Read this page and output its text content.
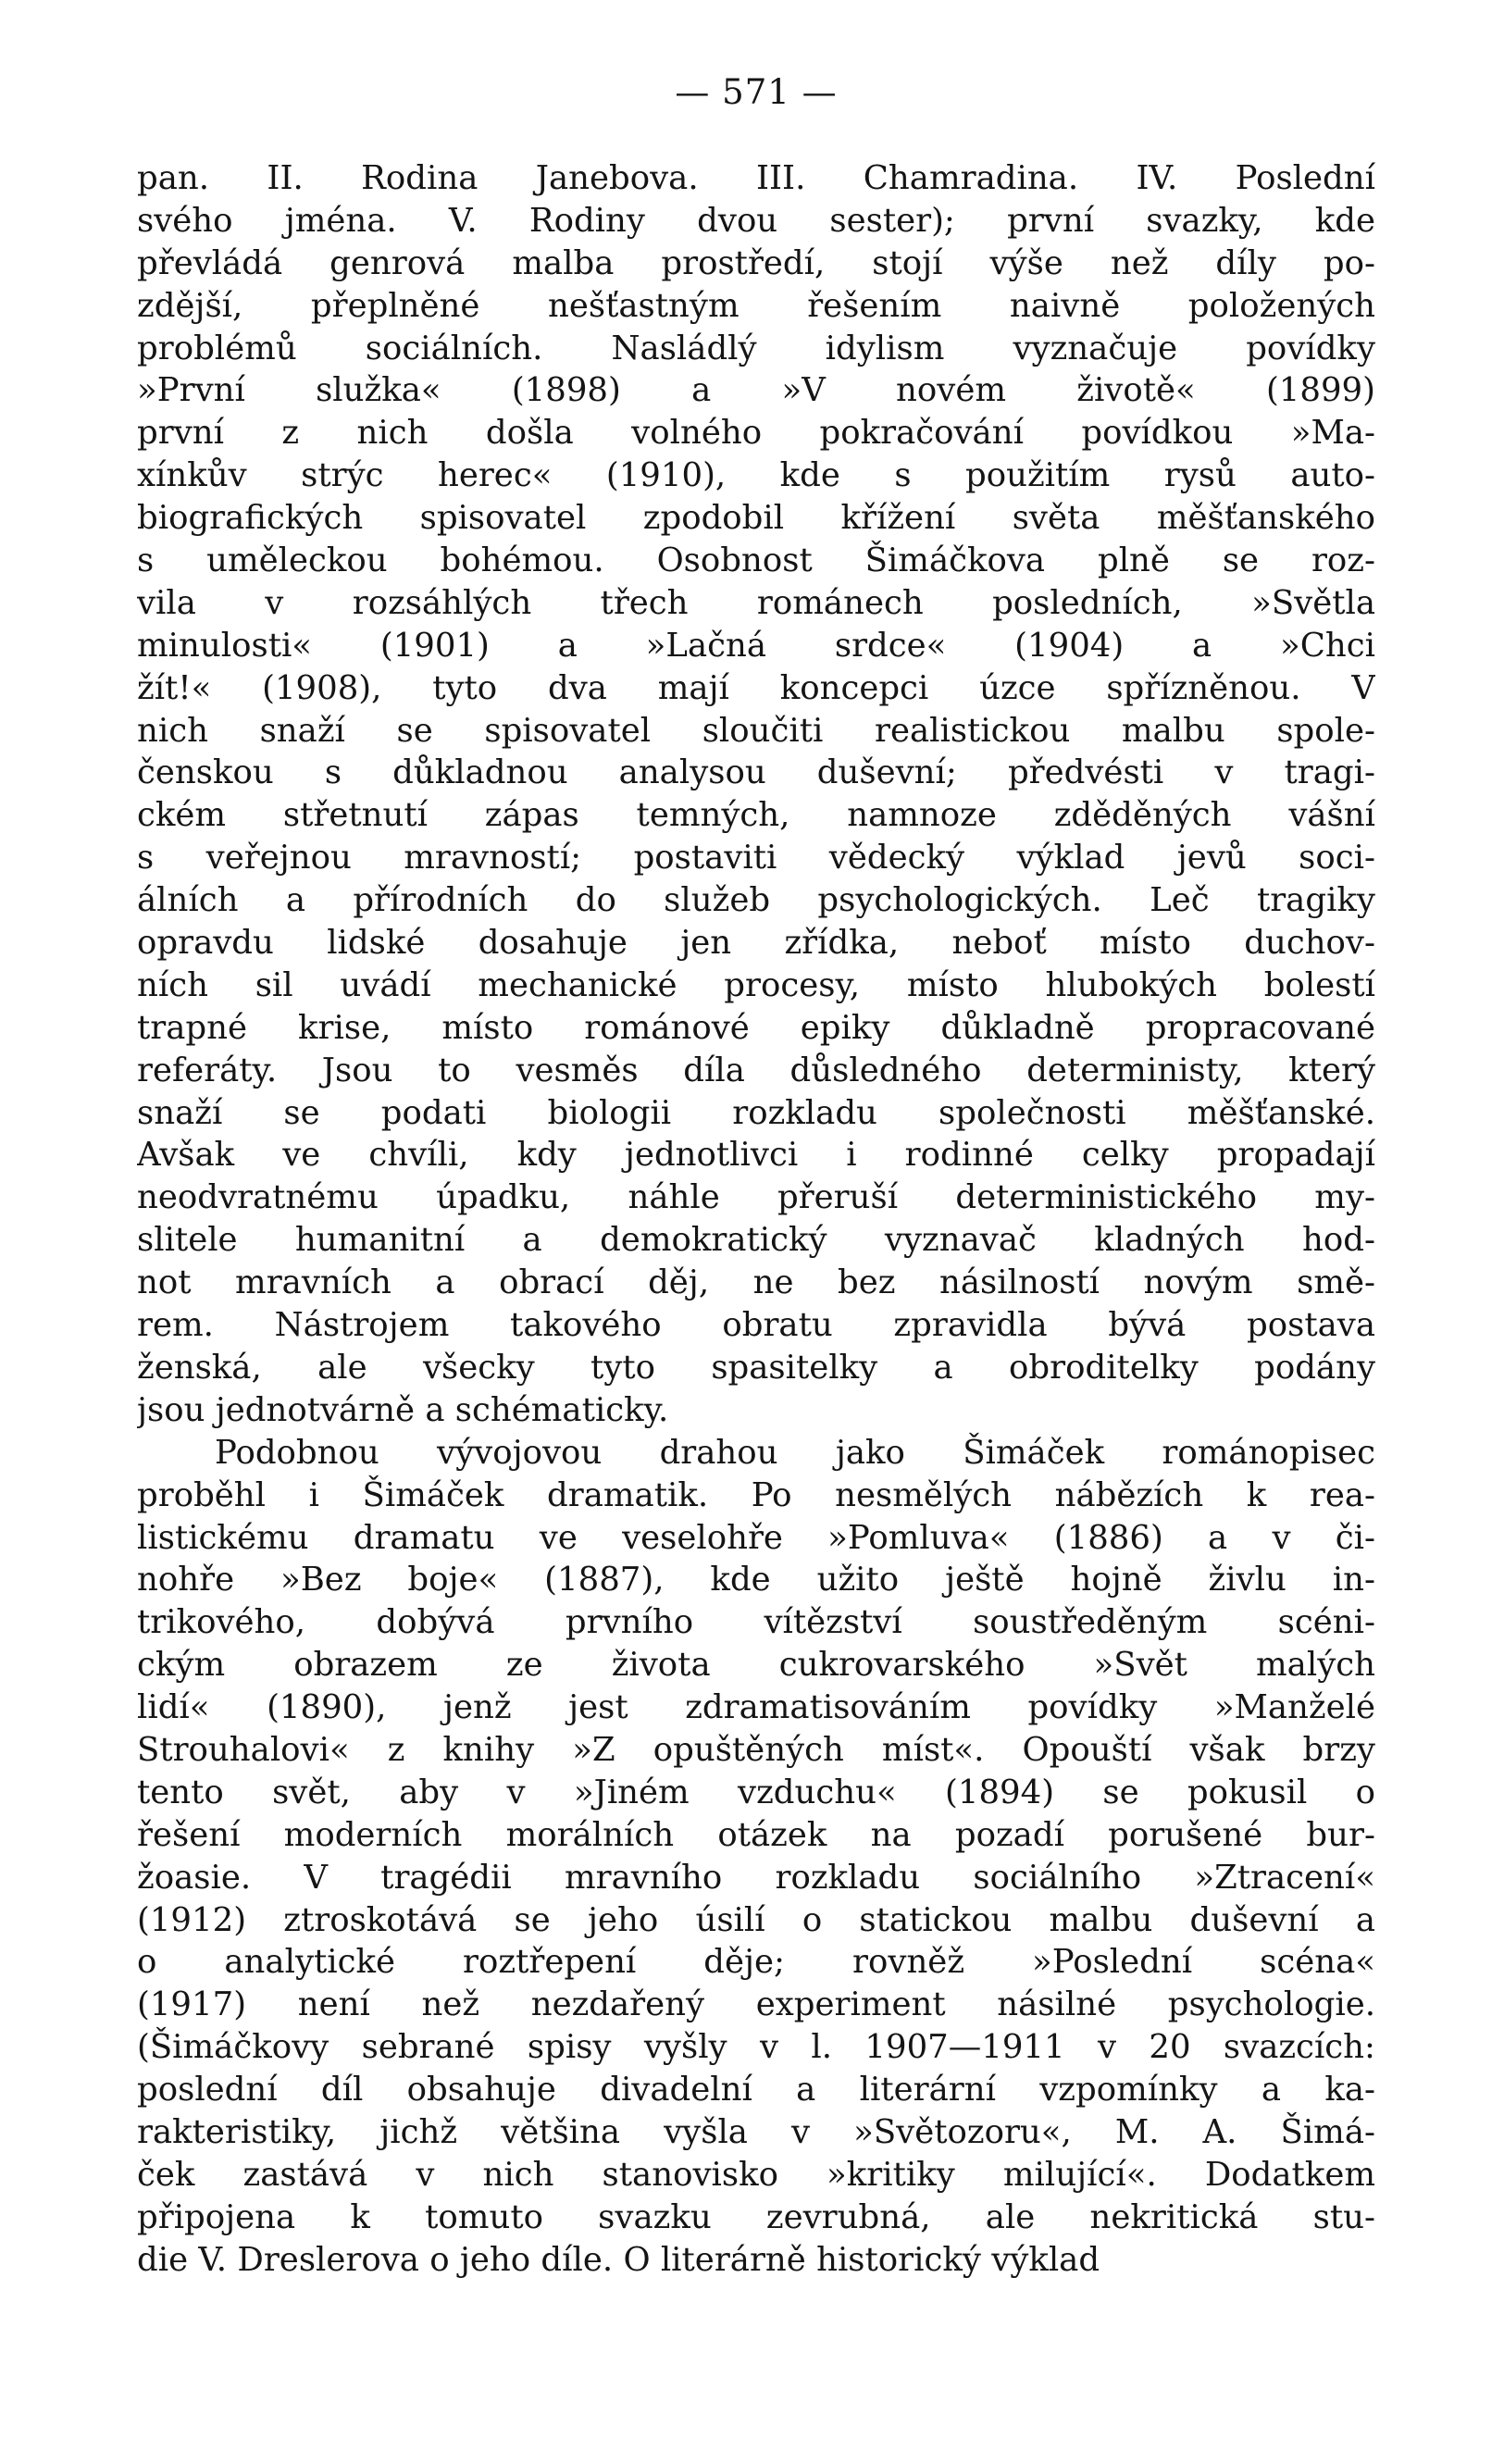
— 571 —
pan. II. Rodina Janebova. III. Chamradina. IV. Poslední
svého jména. V. Rodiny dvou sester); první svazky, kde
převládá genrová malba prostředí, stojí výše než díly po-
zdější, přeplněné nešťastným řešením naivně položených
problémů sociálních. Nasládlý idylism vyznačuje povídky
»První služka« (1898) a »V novém životě« (1899)
první z nich došla volného pokračování povídkou »Ma-
xínkův strýc herec« (1910), kde s použitím rysů auto-
biografických spisovatel zpodobil křížení světa měšťanského
s uměleckou bohémou. Osobnost Šimáčkova plně se roz-
vila v rozsáhlých třech románech posledních, »Světla
minulosti« (1901) a »Lačná srdce« (1904) a »Chci
žít!« (1908), tyto dva mají koncepci úzce spřízněnou. V
nich snaží se spisovatel sloučiti realistickou malbu spole-
čenskou s důkladnou analysou duševní; předvésti v tragi-
ckém střetnutí zápas temných, namnoze zděděných vášní
s veřejnou mravností; postaviti vědecký výklad jevů soci-
álních a přírodních do služeb psychologických. Leč tragiky
opravdu lidské dosahuje jen zřídka, neboť místo duchov-
ních sil uvádí mechanické procesy, místo hlubokých bolestí
trapné krise, místo románové epiky důkladně propracované
referáty. Jsou to vesměs díla důsledného deterministy, který
snaží se podati biologii rozkladu společnosti měšťanské.
Avšak ve chvíli, kdy jednotlivci i rodinné celky propadají
neodvratnému úpadku, náhle přeruší deterministického my-
slitele humanitní a demokratický vyznavač kladných hod-
not mravních a obrací děj, ne bez násilností novým smě-
rem. Nástrojem takového obratu zpravidla bývá postava
ženská, ale všecky tyto spasitelky a obroditelky podány
jsou jednotvárně a schématicky.
Podobnou vývojovou drahou jako Šimáček románopisec
proběhl i Šimáček dramatik. Po nesmělých nábězích k rea-
listickému dramatu ve veselohře »Pomluva« (1886) a v či-
nohře »Bez boje« (1887), kde užito ještě hojně živlu in-
trikového, dobývá prvního vítězství soustředěným scéni-
ckým obrazem ze života cukrovarského »Svět malých
lidí« (1890), jenž jest zdramatisováním povídky »Manželé
Strouhalovi« z knihy »Z opuštěných míst«. Opouští však brzy
tento svět, aby v »Jiném vzduchu« (1894) se pokusil o
řešení moderních morálních otázek na pozadí porušené bur-
žoasie. V tragédii mravního rozkladu sociálního »Ztracení«
(1912) ztroskotává se jeho úsilí o statickou malbu duševní a
o analytické roztřepení děje; rovněž »Poslední scéna«
(1917) není než nezdařený experiment násilné psychologie.
(Šimáčkovy sebrané spisy vyšly v l. 1907—1911 v 20 svazcích:
poslední díl obsahuje divadelní a literární vzpomínky a ka-
rakteristiky, jichž většina vyšla v »Světozoru«, M. A. Šimá-
ček zastává v nich stanovisko »kritiky milující«. Dodatkem
připojena k tomuto svazku zevrubná, ale nekritická stu-
die V. Dreslerova o jeho díle. O literárně historický výklad
